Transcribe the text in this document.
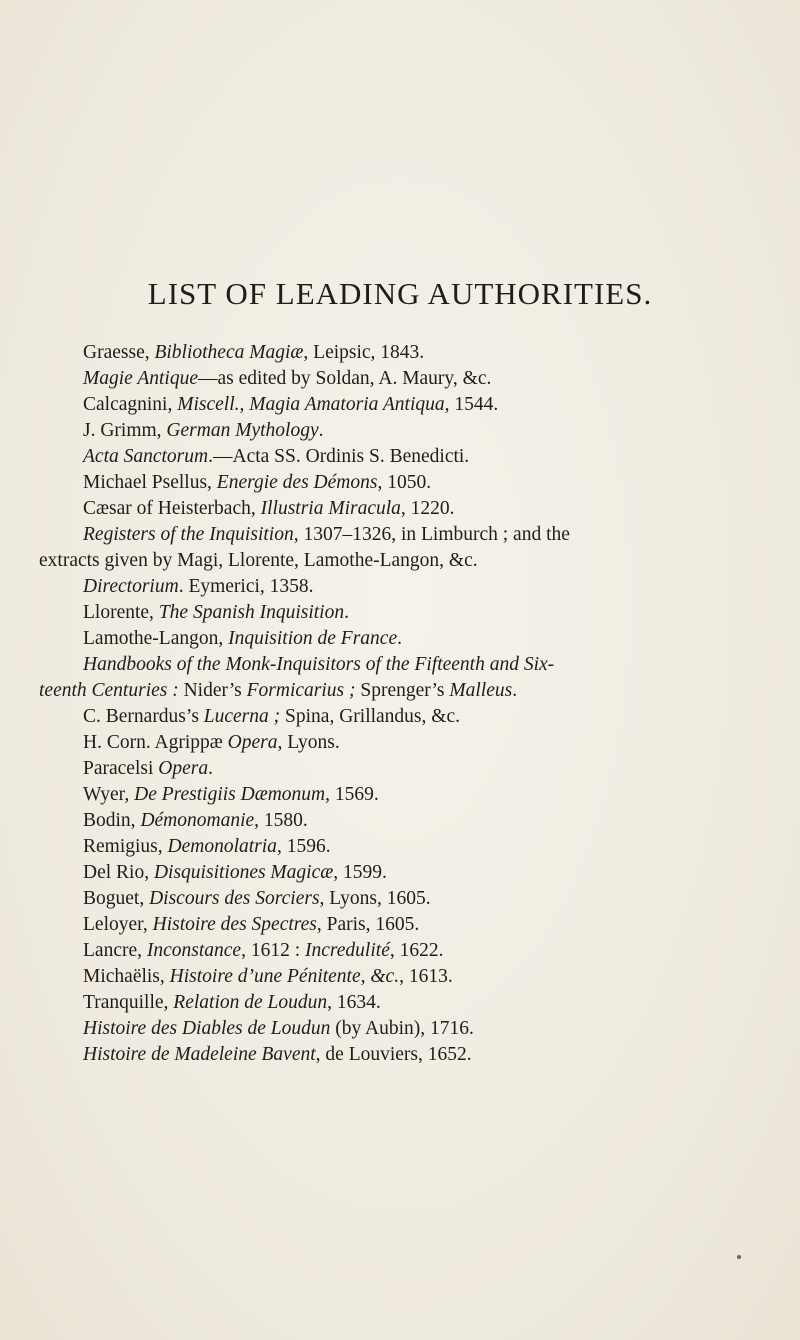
LIST OF LEADING AUTHORITIES.

Graesse, Bibliotheca Magiæ, Leipsic, 1843.

Magie Antique—as edited by Soldan, A. Maury, &c.

Calcagnini, Miscell., Magia Amatoria Antiqua, 1544.

J. Grimm, German Mythology.

Acta Sanctorum.—Acta SS. Ordinis S. Benedicti.

Michael Psellus, Energie des Démons, 1050.

Cæsar of Heisterbach, Illustria Miracula, 1220.

Registers of the Inquisition, 1307–1326, in Limburch ; and the

extracts given by Magi, Llorente, Lamothe-Langon, &c.

Directorium. Eymerici, 1358.

Llorente, The Spanish Inquisition.

Lamothe-Langon, Inquisition de France.

Handbooks of the Monk-Inquisitors of the Fifteenth and Six-

teenth Centuries : Nider’s Formicarius ; Sprenger’s Malleus.

C. Bernardus’s Lucerna ; Spina, Grillandus, &c.

H. Corn. Agrippæ Opera, Lyons.

Paracelsi Opera.

Wyer, De Prestigiis Dæmonum, 1569.

Bodin, Démonomanie, 1580.

Remigius, Demonolatria, 1596.

Del Rio, Disquisitiones Magicæ, 1599.

Boguet, Discours des Sorciers, Lyons, 1605.

Leloyer, Histoire des Spectres, Paris, 1605.

Lancre, Inconstance, 1612 : Incredulité, 1622.

Michaëlis, Histoire d’une Pénitente, &c., 1613.

Tranquille, Relation de Loudun, 1634.

Histoire des Diables de Loudun (by Aubin), 1716.

Histoire de Madeleine Bavent, de Louviers, 1652.
